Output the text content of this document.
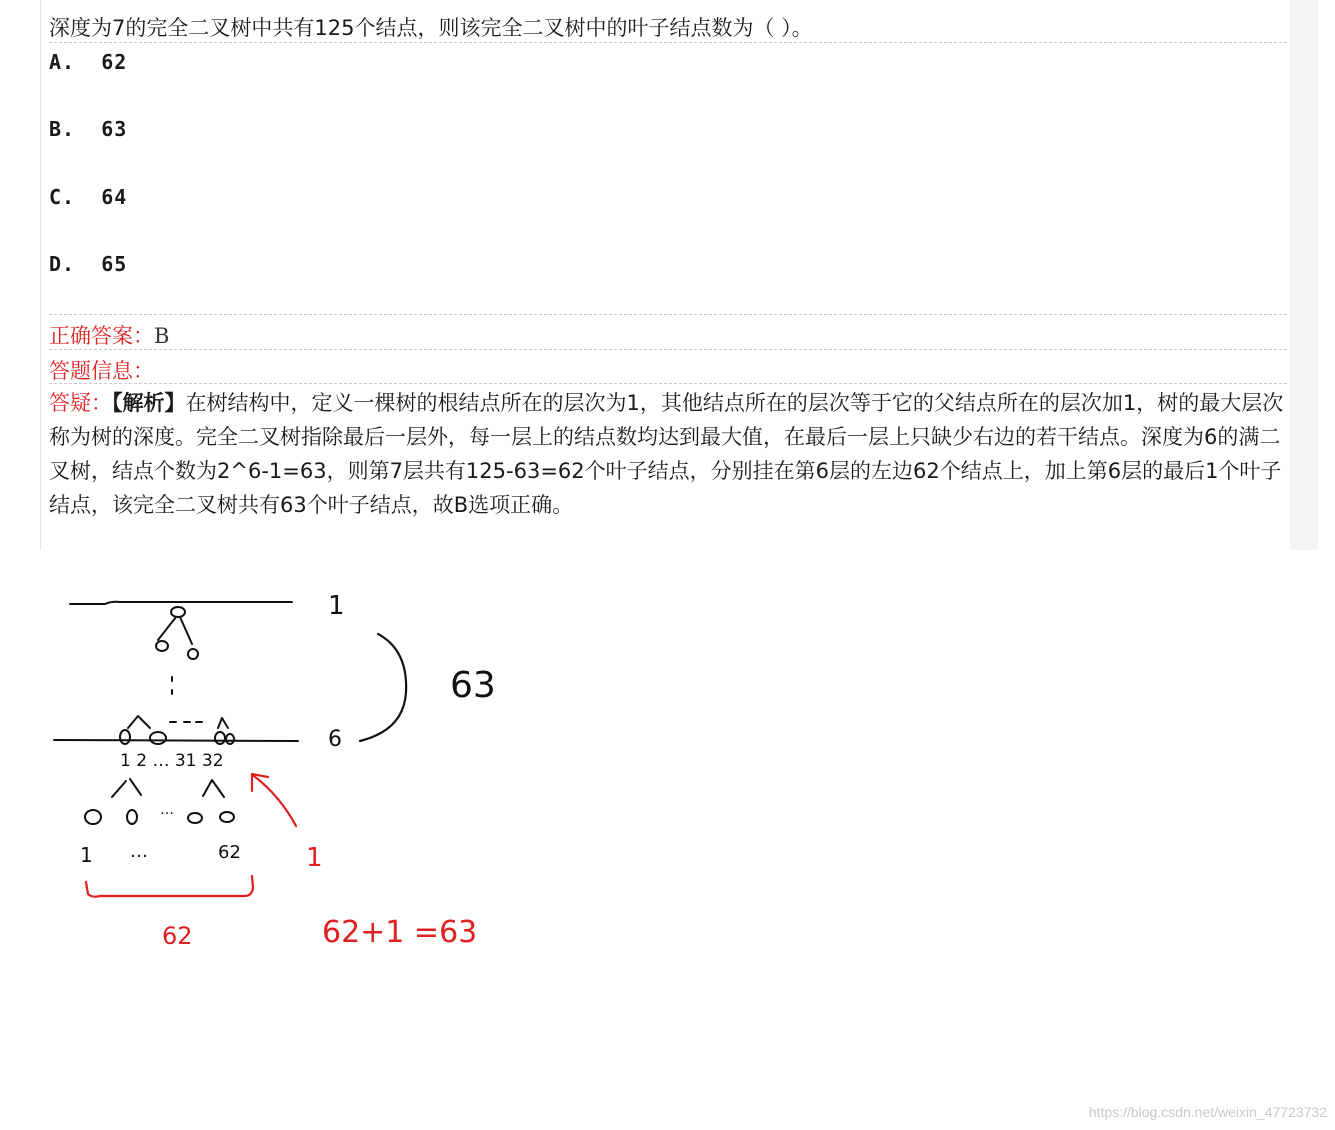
深度为7的完全二叉树中共有125个结点，则该完全二叉树中的叶子结点数为（ ）。
A. 62
B. 63
C. 64
D. 65
正确答案：B
答题信息：
答疑：【解析】在树结构中，定义一棵树的根结点所在的层次为1，其他结点所在的层次等于它的父结点所在的层次加1，树的最大层次称为树的深度。完全二叉树指除最后一层外，每一层上的结点数均达到最大值，在最后一层上只缺少右边的若干结点。深度为6的满二叉树，结点个数为2^6-1=63，则第7层共有125-63=62个叶子结点，分别挂在第6层的左边62个结点上，加上第6层的最后1个叶子结点，该完全二叉树共有63个叶子结点，故B选项正确。
1
6
63
1 2 … 31 32
…
1 …	62	1
62	62+1 =63
https://blog.csdn.net/weixin_47723732
